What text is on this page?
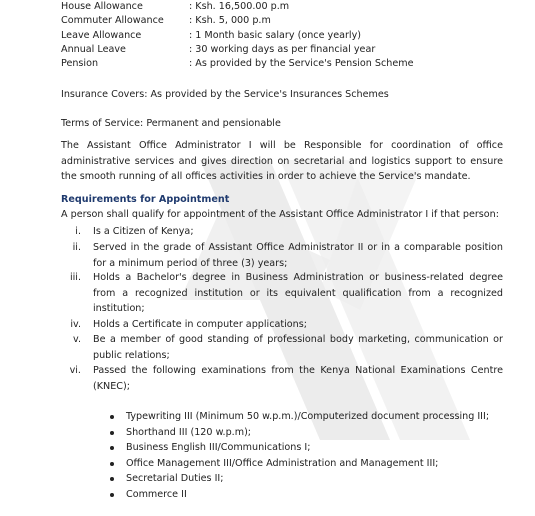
House Allowance	: Ksh. 16,500.00 p.m
Commuter Allowance	: Ksh. 5, 000 p.m
Leave Allowance	: 1 Month basic salary (once yearly)
Annual Leave	: 30 working days as per financial year
Pension	: As provided by the Service's Pension Scheme
Insurance Covers: As provided by the Service's Insurances Schemes
Terms of Service: Permanent and pensionable
The Assistant Office Administrator I will be Responsible for coordination of office administrative services and gives direction on secretarial and logistics support to ensure the smooth running of all offices activities in order to achieve the Service's mandate.
Requirements for Appointment
A person shall qualify for appointment of the Assistant Office Administrator I if that person:
i. Is a Citizen of Kenya;
ii. Served in the grade of Assistant Office Administrator II or in a comparable position for a minimum period of three (3) years;
iii. Holds a Bachelor's degree in Business Administration or business-related degree from a recognized institution or its equivalent qualification from a recognized institution;
iv. Holds a Certificate in computer applications;
v. Be a member of good standing of professional body marketing, communication or public relations;
vi. Passed the following examinations from the Kenya National Examinations Centre (KNEC);
Typewriting III (Minimum 50 w.p.m.)/Computerized document processing III;
Shorthand III (120 w.p.m);
Business English III/Communications I;
Office Management III/Office Administration and Management III;
Secretarial Duties II;
Commerce II
